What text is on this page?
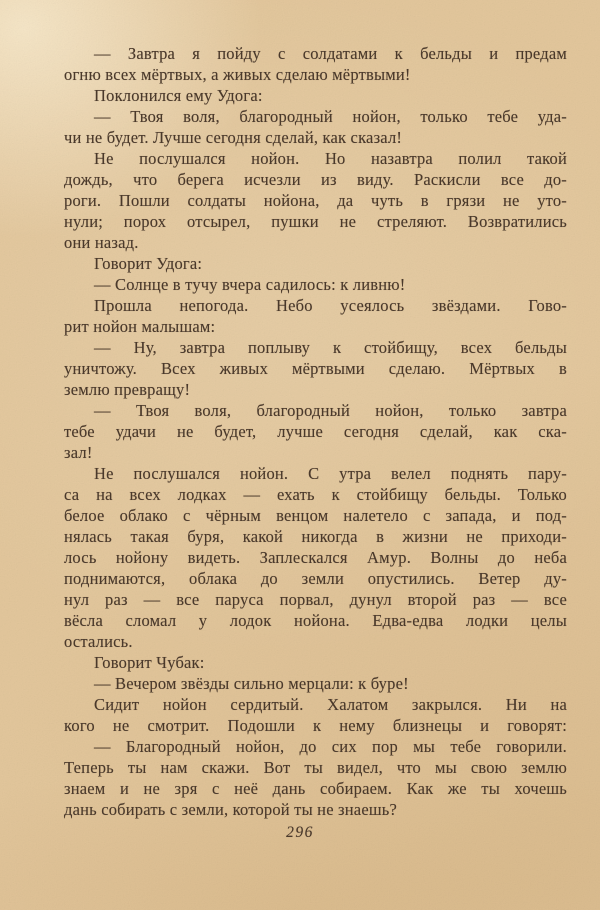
— Завтра я пойду с солдатами к бельды и предам
огню всех мёртвых, а живых сделаю мёртвыми!
Поклонился ему Удога:
— Твоя воля, благородный нойон, только тебе уда-
чи не будет. Лучше сегодня сделай, как сказал!
Не послушался нойон. Но назавтра полил такой
дождь, что берега исчезли из виду. Раскисли все до-
роги. Пошли солдаты нойона, да чуть в грязи не уто-
нули; порох отсырел, пушки не стреляют. Возвратились
они назад.
Говорит Удога:
— Солнце в тучу вчера садилось: к ливню!
Прошла непогода. Небо усеялось звёздами. Гово-
рит нойон малышам:
— Ну, завтра поплыву к стойбищу, всех бельды
уничтожу. Всех живых мёртвыми сделаю. Мёртвых в
землю превращу!
— Твоя воля, благородный нойон, только завтра
тебе удачи не будет, лучше сегодня сделай, как ска-
зал!
Не послушался нойон. С утра велел поднять пару-
са на всех лодках — ехать к стойбищу бельды. Только
белое облако с чёрным венцом налетело с запада, и под-
нялась такая буря, какой никогда в жизни не приходи-
лось нойону видеть. Заплескался Амур. Волны до неба
поднимаются, облака до земли опустились. Ветер ду-
нул раз — все паруса порвал, дунул второй раз — все
вёсла сломал у лодок нойона. Едва-едва лодки целы
остались.
Говорит Чубак:
— Вечером звёзды сильно мерцали: к буре!
Сидит нойон сердитый. Халатом закрылся. Ни на
кого не смотрит. Подошли к нему близнецы и говорят:
— Благородный нойон, до сих пор мы тебе говорили.
Теперь ты нам скажи. Вот ты видел, что мы свою землю
знаем и не зря с неё дань собираем. Как же ты хочешь
дань собирать с земли, которой ты не знаешь?
296
